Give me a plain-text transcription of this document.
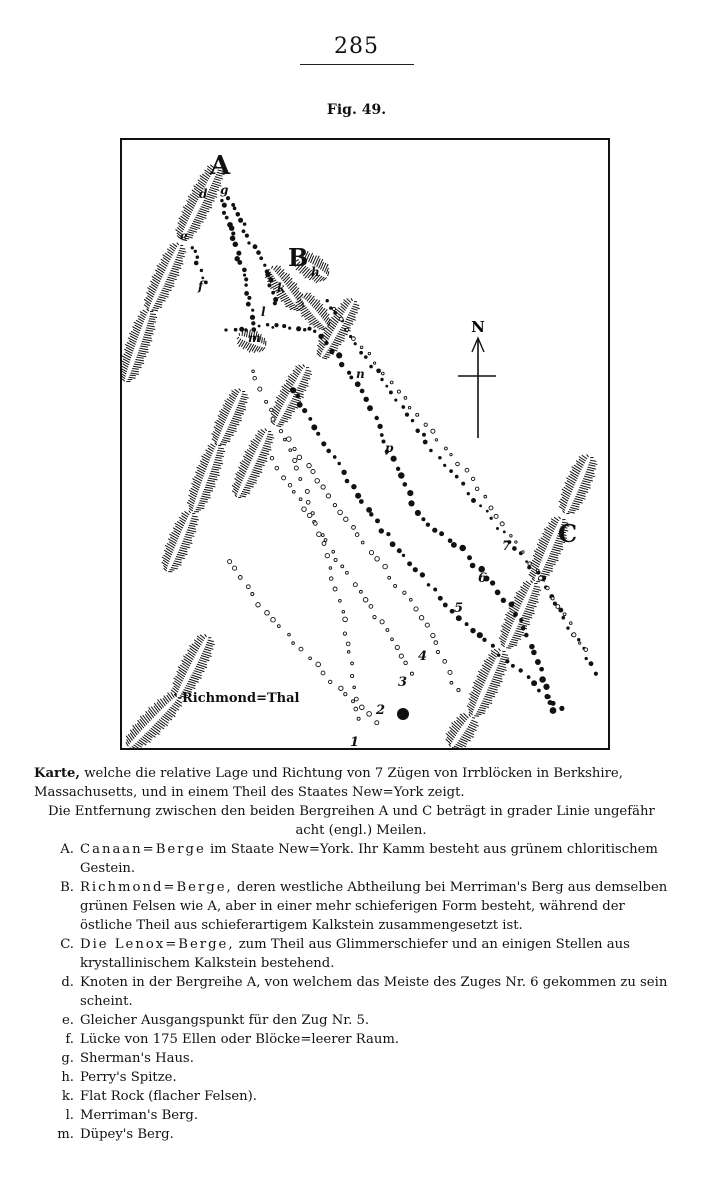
285
Fig. 49.
N
A
B
C
d g
e
f
h
k
l
m
n
p
1
2
3
4
5
6
7
Richmond=Thal

Karte, welche die relative Lage und Richtung von 7 Zügen von Irrblöcken in Berkshire, Massachusetts, und in einem Theil des Staates New=York zeigt.

Die Entfernung zwischen den beiden Bergreihen A und C beträgt in grader Linie ungefähr
acht (engl.) Meilen.

A. Canaan=Berge im Staate New=York. Ihr Kamm besteht aus grünem chloritischem Gestein.
B. Richmond=Berge, deren westliche Abtheilung bei Merriman's Berg aus demselben grünen Felsen wie A, aber in einer mehr schieferigen Form besteht, während der östliche Theil aus schieferartigem Kalkstein zusammengesetzt ist.
C. Die Lenox=Berge, zum Theil aus Glimmerschiefer und an einigen Stellen aus krystallinischem Kalkstein bestehend.
d. Knoten in der Bergreihe A, von welchem das Meiste des Zuges Nr. 6 gekommen zu sein scheint.
e. Gleicher Ausgangspunkt für den Zug Nr. 5.
f. Lücke von 175 Ellen oder Blöcke=leerer Raum.
g. Sherman's Haus.
h. Perry's Spitze.
k. Flat Rock (flacher Felsen).
l. Merriman's Berg.
m. Düpey's Berg.
